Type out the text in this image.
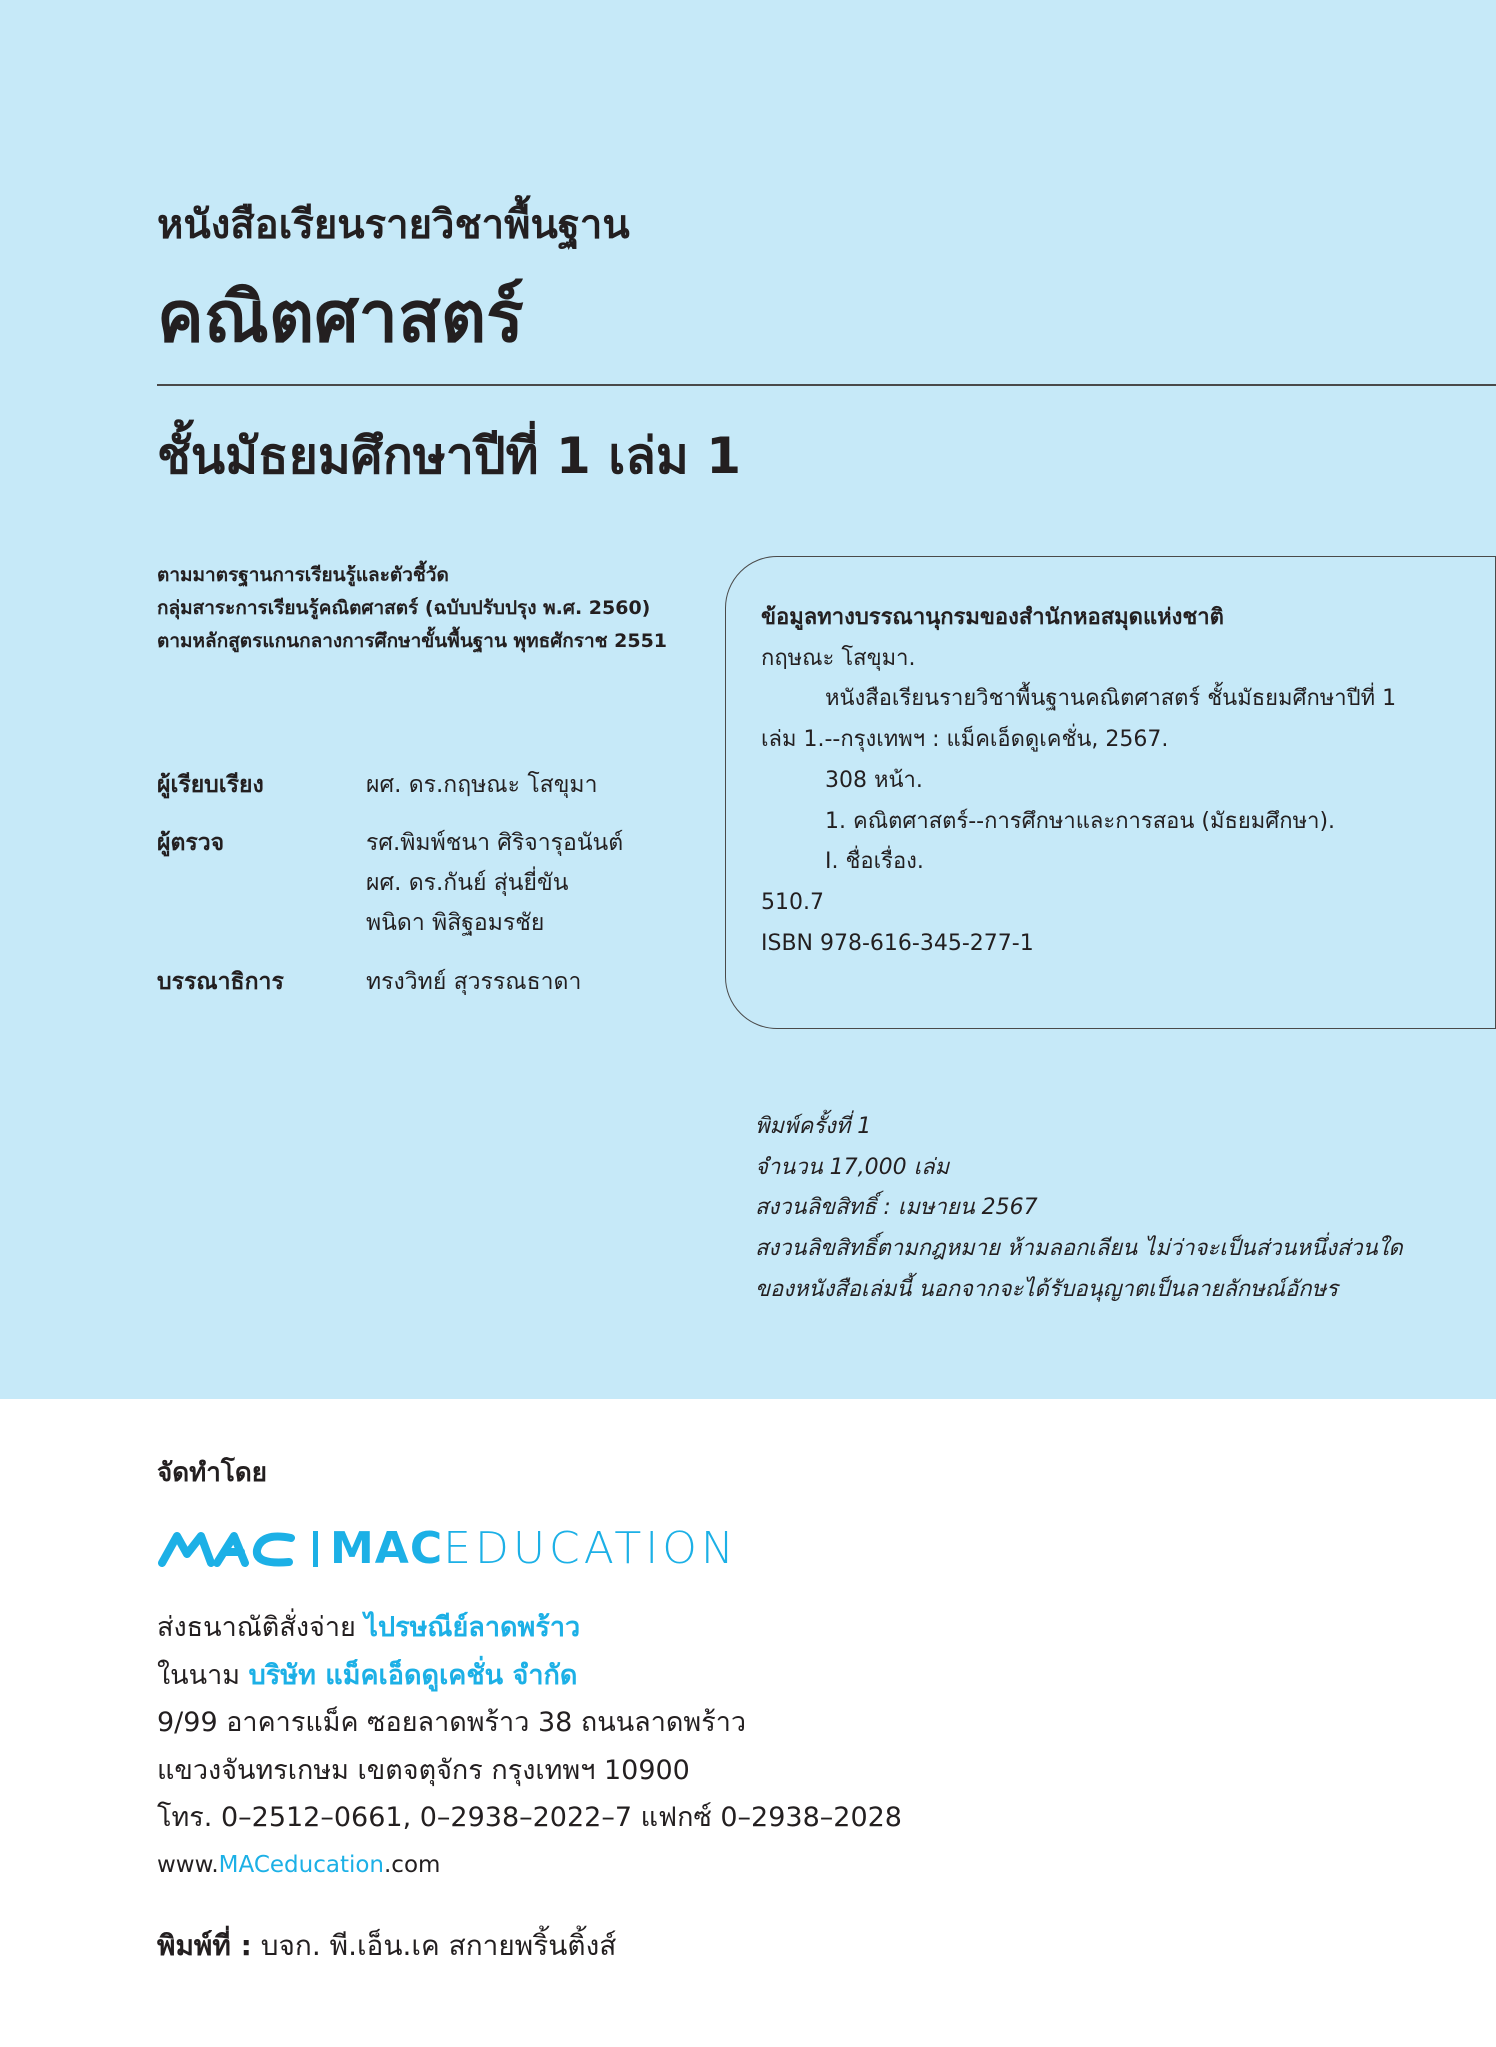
หนังสือเรียนรายวิชาพื้นฐาน
คณิตศาสตร์
ชั้นมัธยมศึกษาปีที่ 1 เล่ม 1
ตามมาตรฐานการเรียนรู้และตัวชี้วัด
กลุ่มสาระการเรียนรู้คณิตศาสตร์ (ฉบับปรับปรุง พ.ศ. 2560)
ตามหลักสูตรแกนกลางการศึกษาขั้นพื้นฐาน พุทธศักราช 2551
ผู้เรียบเรียง	ผศ. ดร.กฤษณะ โสขุมา
ผู้ตรวจ	รศ.พิมพ์ชนา ศิริจารุอนันต์
ผศ. ดร.กันย์ สุ่นยี่ขัน
พนิดา พิสิฐอมรชัย
บรรณาธิการ	ทรงวิทย์ สุวรรณธาดา
ข้อมูลทางบรรณานุกรมของสำนักหอสมุดแห่งชาติ
กฤษณะ โสขุมา.
หนังสือเรียนรายวิชาพื้นฐานคณิตศาสตร์ ชั้นมัธยมศึกษาปีที่ 1
เล่ม 1.--กรุงเทพฯ : แม็คเอ็ดดูเคชั่น, 2567.
308 หน้า.
1. คณิตศาสตร์--การศึกษาและการสอน (มัธยมศึกษา).
I. ชื่อเรื่อง.
510.7
ISBN 978-616-345-277-1
พิมพ์ครั้งที่ 1
จำนวน 17,000 เล่ม
สงวนลิขสิทธิ์ : เมษายน 2567
สงวนลิขสิทธิ์ตามกฎหมาย ห้ามลอกเลียน ไม่ว่าจะเป็นส่วนหนึ่งส่วนใด
ของหนังสือเล่มนี้ นอกจากจะได้รับอนุญาตเป็นลายลักษณ์อักษร
จัดทำโดย
MAC EDUCATION
ส่งธนาณัติสั่งจ่าย ไปรษณีย์ลาดพร้าว
ในนาม บริษัท แม็คเอ็ดดูเคชั่น จำกัด
9/99 อาคารแม็ค ซอยลาดพร้าว 38 ถนนลาดพร้าว
แขวงจันทรเกษม เขตจตุจักร กรุงเทพฯ 10900
โทร. 0–2512–0661, 0–2938–2022–7 แฟกซ์ 0–2938–2028
www.MACeducation.com
พิมพ์ที่ : บจก. พี.เอ็น.เค สกายพริ้นติ้งส์
